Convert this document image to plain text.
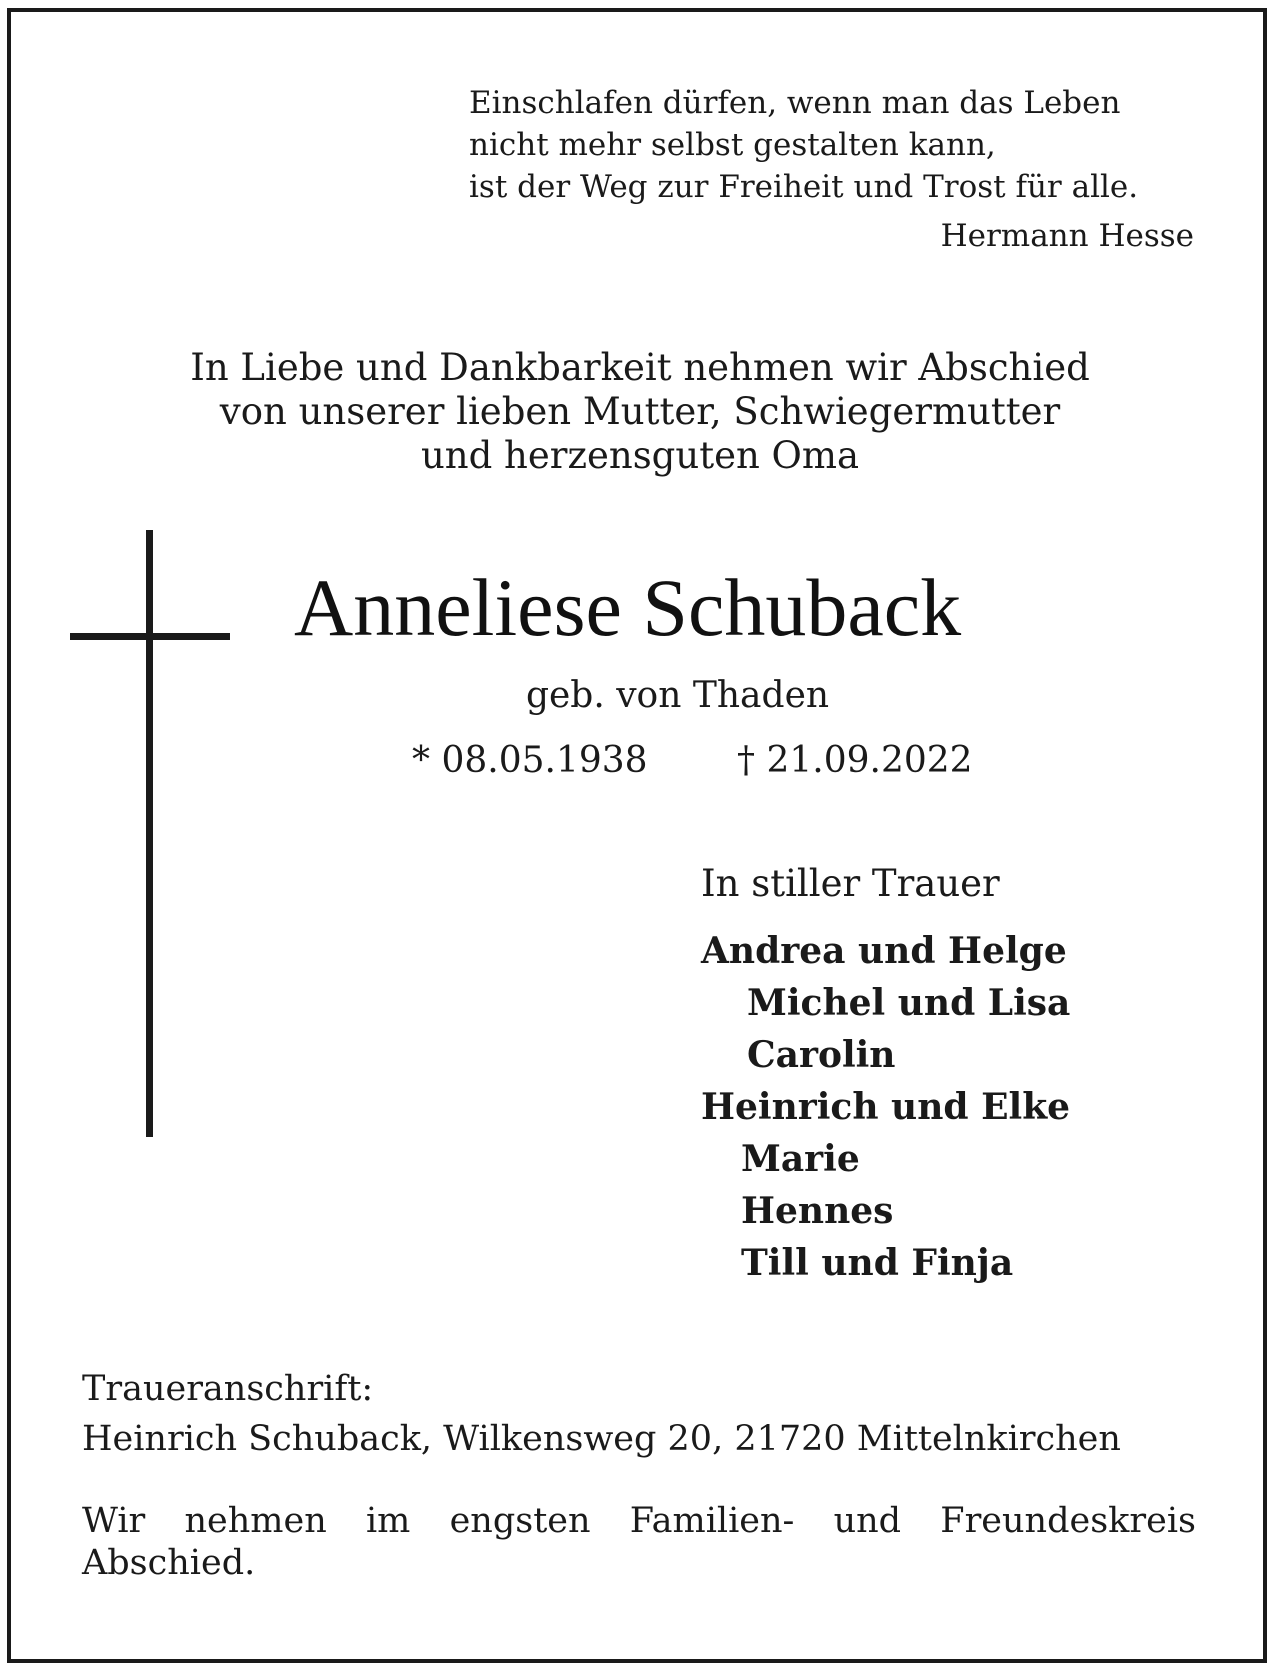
Einschlafen dürfen, wenn man das Leben
nicht mehr selbst gestalten kann,
ist der Weg zur Freiheit und Trost für alle.
Hermann Hesse
In Liebe und Dankbarkeit nehmen wir Abschied
von unserer lieben Mutter, Schwiegermutter
und herzensguten Oma
Anneliese Schuback
geb. von Thaden
* 08.05.1938 † 21.09.2022
In stiller Trauer
Andrea und Helge
Michel und Lisa
Carolin
Heinrich und Elke
Marie
Hennes
Till und Finja
Traueranschrift:
Heinrich Schuback, Wilkensweg 20, 21720 Mittelnkirchen
Wir nehmen im engsten Familien- und Freundeskreis Abschied.
